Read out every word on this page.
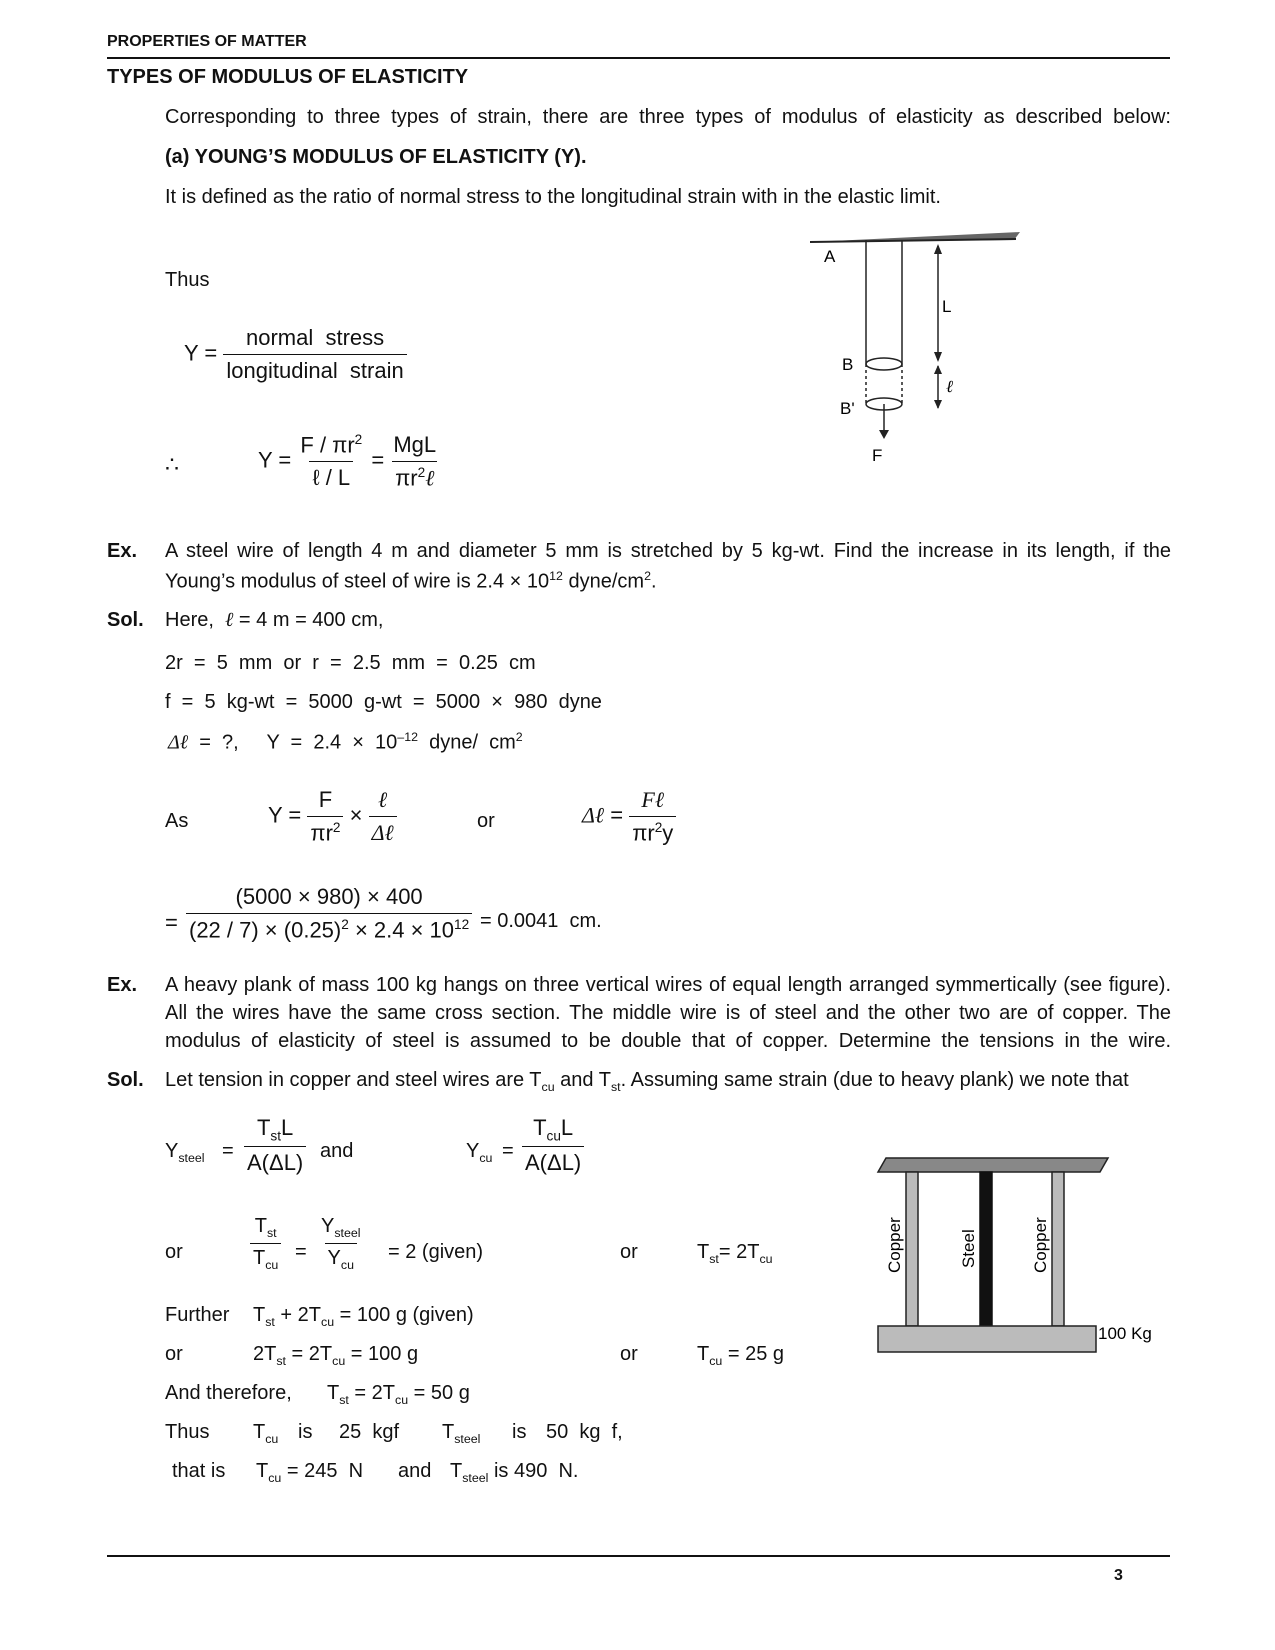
PROPERTIES OF MATTER
TYPES OF MODULUS OF ELASTICITY
Corresponding to three types of strain, there are three types of modulus of elasticity as described below:
(a) YOUNG’S MODULUS OF ELASTICITY (Y).
It is defined as the ratio of normal stress to the longitudinal strain with in the elastic limit.
Thus
$Y = \frac{\text{normal  stress}}{\text{longitudinal  strain}}$
∴	$Y = \frac{F / \pi r^2}{\text{ℓ / L}} = \frac{\text{MgL}}{\pi r^2\ell}$
A
L
B
ℓ
B'
F
Ex. A steel wire of length 4 m and diameter 5 mm is stretched by 5 kg-wt. Find the increase in its length, if the
Young’s modulus of steel of wire is $2.4 \times 10^{12}$ dyne/$cm^2$.
Sol. Here, ℓ = 4 m = 400 cm,
2r  =  5  mm  or  r  =  2.5  mm  =  0.25  cm
f  =  5  kg-wt  =  5000  g-wt  =  5000  ×  980  dyne
Δℓ  =  ?,     $Y = 2.4 \times 10^{-12}$  dyne/  $cm^2$
As	$Y = \frac{F}{\pi r^2} \times \frac{\text{ℓ}}{\text{Δℓ}}$	or	Δℓ = $\frac{\text{Fℓ}}{\pi r^2y}$
= $\frac{(5000 \times 980) \times 400}{(22 / 7) \times (0.25)^2 \times 2.4 \times 10^{12}} = 0.0041$  cm.
Ex. A heavy plank of mass 100 kg hangs on three vertical wires of equal length arranged symmertically (see figure).
All the wires have the same cross section. The middle wire is of steel and the other two are of copper. The
modulus of elasticity of steel is assumed to be double that of copper. Determine the tensions in the wire.
Sol. Let tension in copper and steel wires are $T_{cu}$ and $T_{st}$. Assuming same strain (due to heavy plank) we note that
$Y_{steel} = \frac{T_{st}L}{A(\Delta L)}$ and	$Y_{cu} = \frac{T_{cu}L}{A(\Delta L)}$
or	$\frac{T_{st}}{T_{cu}} = \frac{Y_{steel}}{Y_{cu}} = 2$ (given)	or	$T_{st}= 2T_{cu}$
Further $T_{st} + 2T_{cu} = 100$ g (given)
or	$2T_{st} = 2T_{cu} = 100$ g	or	$T_{cu} = 25$ g
And therefore, $T_{st} = 2T_{cu} = 50$ g
Thus $T_{cu}$ is 25  kgf $T_{steel}$ is 50  kg  f,
that is $T_{cu} = 245$  N and $T_{steel}$ is 490  N.
Copper	Steel	Copper
100 Kg
3
